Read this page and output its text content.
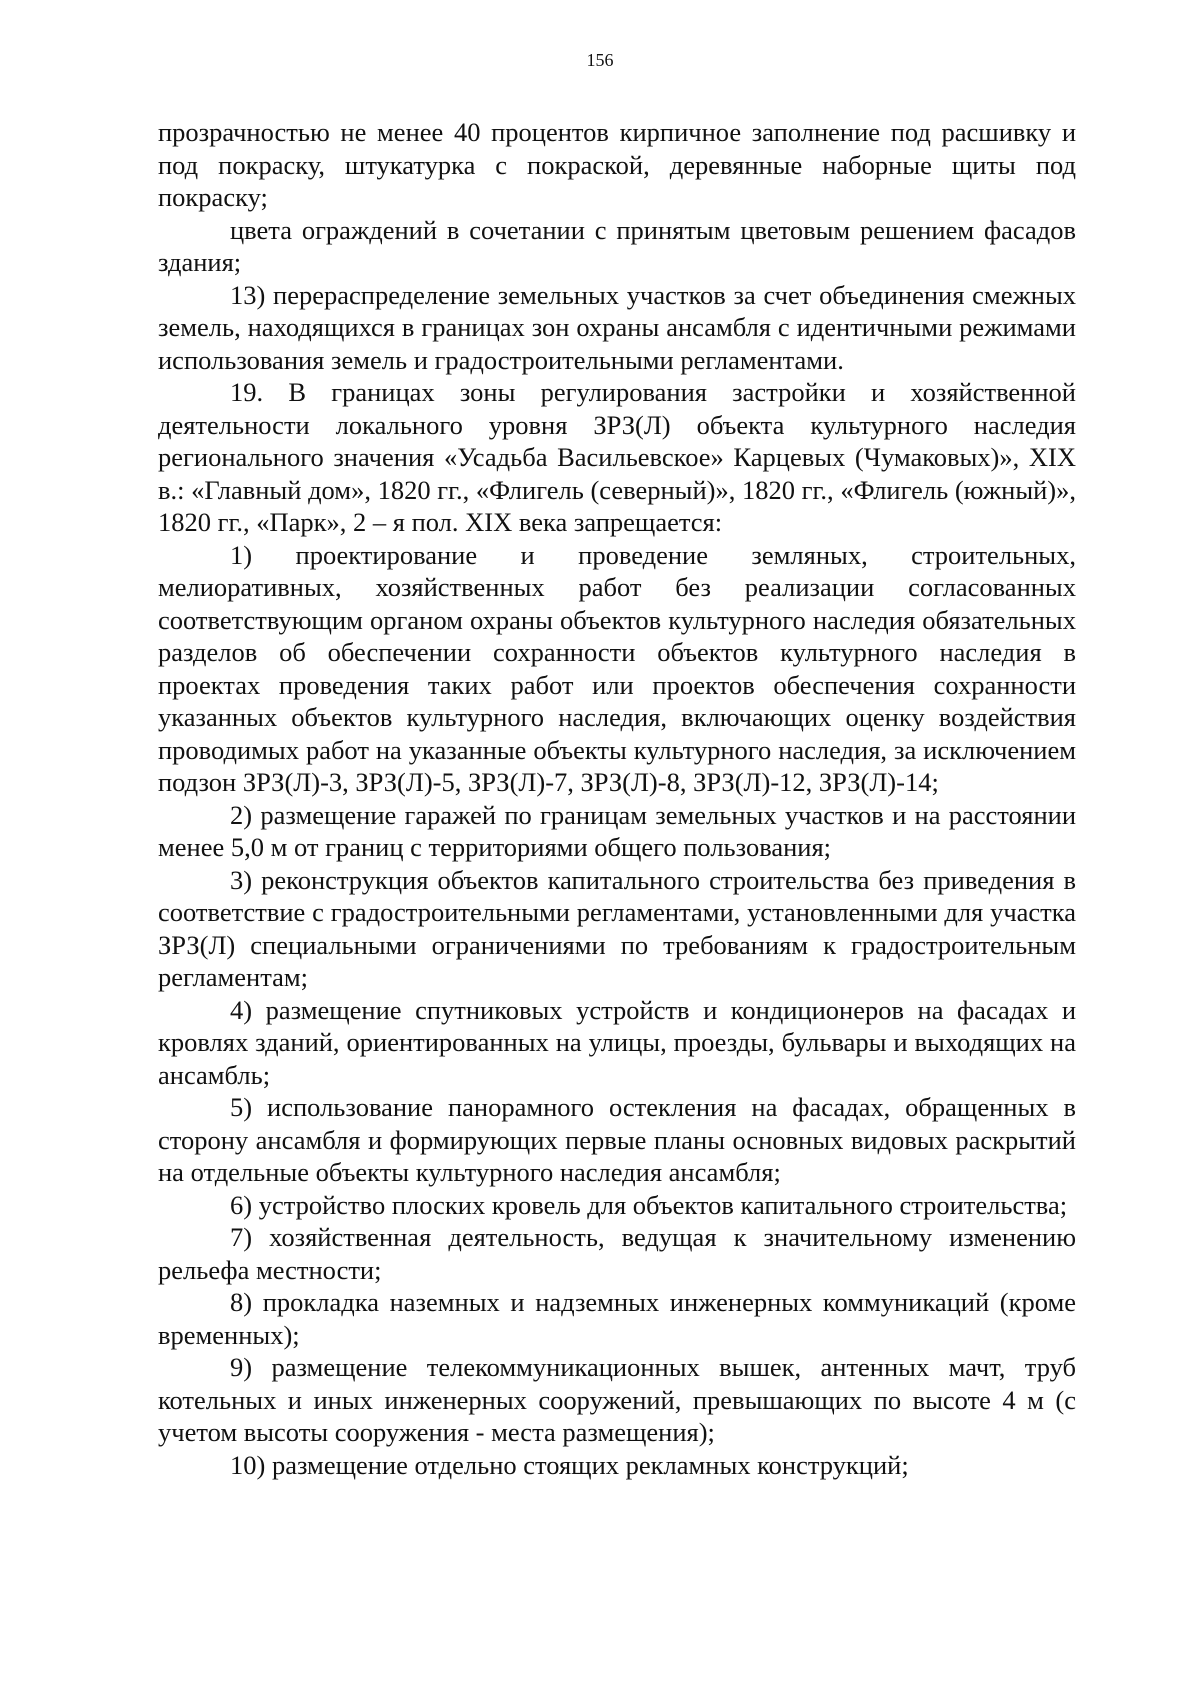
156

прозрачностью не менее 40 процентов кирпичное заполнение под расшивку и под покраску, штукатурка с покраской, деревянные наборные щиты под покраску;

цвета ограждений в сочетании с принятым цветовым решением фасадов здания;

13) перераспределение земельных участков за счет объединения смежных земель, находящихся в границах зон охраны ансамбля с идентичными режимами использования земель и градостроительными регламентами.

19. В границах зоны регулирования застройки и хозяйственной деятельности локального уровня ЗРЗ(Л) объекта культурного наследия регионального значения «Усадьба Васильевское» Карцевых (Чумаковых)», XIX в.: «Главный дом», 1820 гг., «Флигель (северный)», 1820 гг., «Флигель (южный)», 1820 гг., «Парк», 2 – я пол. XIX века запрещается:

1) проектирование и проведение земляных, строительных, мелиоративных, хозяйственных работ без реализации согласованных соответствующим органом охраны объектов культурного наследия обязательных разделов об обеспечении сохранности объектов культурного наследия в проектах проведения таких работ или проектов обеспечения сохранности указанных объектов культурного наследия, включающих оценку воздействия проводимых работ на указанные объекты культурного наследия, за исключением подзон ЗРЗ(Л)-3, ЗРЗ(Л)-5, ЗРЗ(Л)-7, ЗРЗ(Л)-8, ЗРЗ(Л)-12, ЗРЗ(Л)-14;

2) размещение гаражей по границам земельных участков и на расстоянии менее 5,0 м от границ с территориями общего пользования;

3) реконструкция объектов капитального строительства без приведения в соответствие с градостроительными регламентами, установленными для участка ЗРЗ(Л) специальными ограничениями по требованиям к градостроительным регламентам;

4) размещение спутниковых устройств и кондиционеров на фасадах и кровлях зданий, ориентированных на улицы, проезды, бульвары и выходящих на ансамбль;

5) использование панорамного остекления на фасадах, обращенных в сторону ансамбля и формирующих первые планы основных видовых раскрытий на отдельные объекты культурного наследия ансамбля;

6) устройство плоских кровель для объектов капитального строительства;

7) хозяйственная деятельность, ведущая к значительному изменению рельефа местности;

8) прокладка наземных и надземных инженерных коммуникаций (кроме временных);

9) размещение телекоммуникационных вышек, антенных мачт, труб котельных и иных инженерных сооружений, превышающих по высоте 4 м (с учетом высоты сооружения - места размещения);

10) размещение отдельно стоящих рекламных конструкций;
